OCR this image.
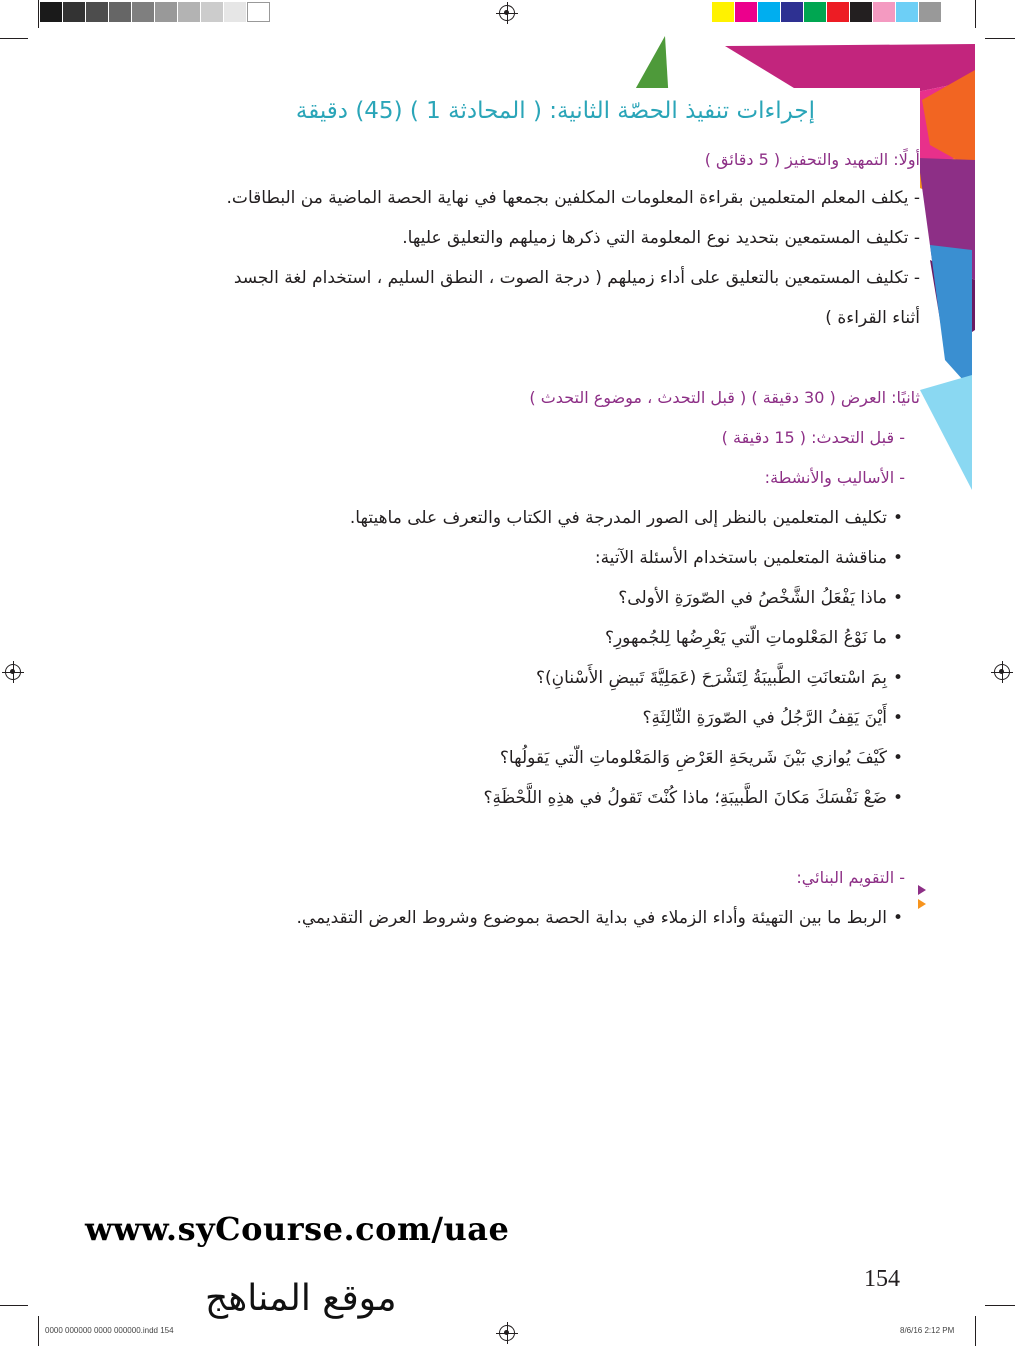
إجراءات تنفيذ الحصّة الثانية: ( المحادثة 1 ) (45) دقيقة
أولًا: التمهيد والتحفيز ( 5 دقائق )
- يكلف المعلم المتعلمين بقراءة المعلومات المكلفين بجمعها في نهاية الحصة الماضية من البطاقات.
- تكليف المستمعين بتحديد نوع المعلومة التي ذكرها زميلهم والتعليق عليها.
- تكليف المستمعين بالتعليق على أداء زميلهم ( درجة الصوت ، النطق السليم ، استخدام لغة الجسد
أثناء القراءة )
ثانيًا: العرض ( 30 دقيقة ) ( قبل التحدث ، موضوع التحدث )
- قبل التحدث: ( 15 دقيقة )
- الأساليب والأنشطة:
• تكليف المتعلمين بالنظر إلى الصور المدرجة في الكتاب والتعرف على ماهيتها.
• مناقشة المتعلمين باستخدام الأسئلة الآتية:
• ماذا يَفْعَلُ الشَّخْصُ في الصّورَةِ الأولى؟
• ما نَوْعُ المَعْلوماتِ الّتي يَعْرِضُها لِلجُمهورِ؟
• بِمَ اسْتعانَتِ الطَّبيبَةُ لِتَشْرَحَ (عَمَلِيَّةَ تَبيضِ الأَسْنانِ)؟
• أَيْنَ يَقِفُ الرَّجُلُ في الصّورَةِ الثّالِثَةِ؟
• كَيْفَ يُوازي بَيْنَ شَريحَةِ العَرْضِ وَالمَعْلوماتِ الّتي يَقولُها؟
• ضَعْ نَفْسَكَ مَكانَ الطَّبيبَةِ؛ ماذا كُنْتَ تَقولُ في هذِهِ اللَّحْظَةِ؟
- التقويم البنائي:
• الربط ما بين التهيئة وأداء الزملاء في بداية الحصة بموضوع وشروط العرض التقديمي.
www.syCourse.com/uae
154
موقع المناهج
0000 000000 0000 000000.indd 154	8/6/16 2:12 PM
